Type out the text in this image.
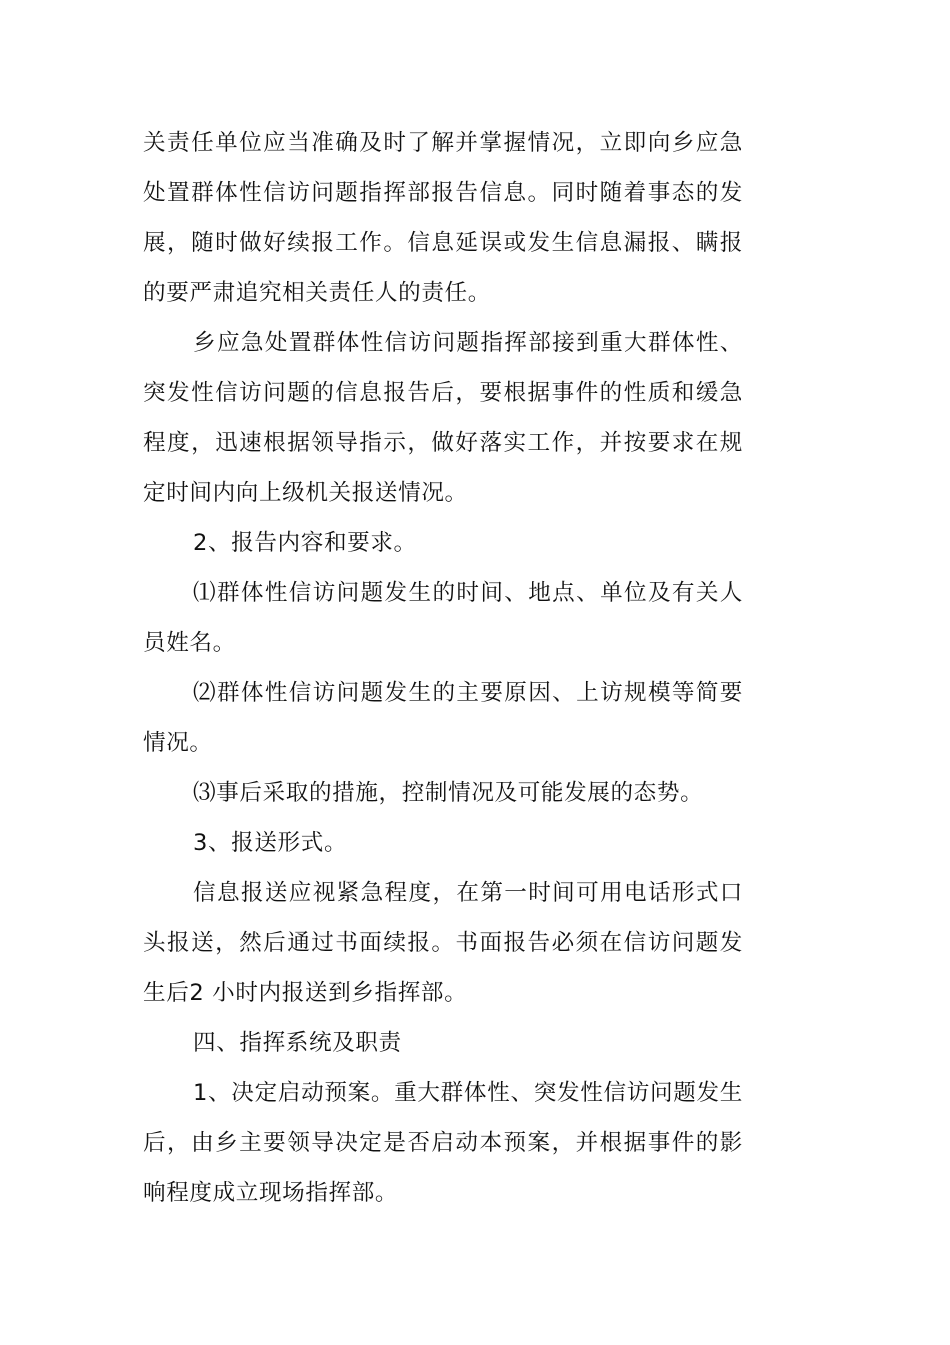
关责任单位应当准确及时了解并掌握情况，立即向乡应急处置群体性信访问题指挥部报告信息。同时随着事态的发展，随时做好续报工作。信息延误或发生信息漏报、瞒报的要严肃追究相关责任人的责任。

乡应急处置群体性信访问题指挥部接到重大群体性、突发性信访问题的信息报告后，要根据事件的性质和缓急程度，迅速根据领导指示，做好落实工作，并按要求在规定时间内向上级机关报送情况。

2、报告内容和要求。

⑴群体性信访问题发生的时间、地点、单位及有关人员姓名。

⑵群体性信访问题发生的主要原因、上访规模等简要情况。

⑶事后采取的措施，控制情况及可能发展的态势。

3、报送形式。

信息报送应视紧急程度，在第一时间可用电话形式口头报送，然后通过书面续报。书面报告必须在信访问题发生后2 小时内报送到乡指挥部。

四、指挥系统及职责

1、决定启动预案。重大群体性、突发性信访问题发生后，由乡主要领导决定是否启动本预案，并根据事件的影响程度成立现场指挥部。
